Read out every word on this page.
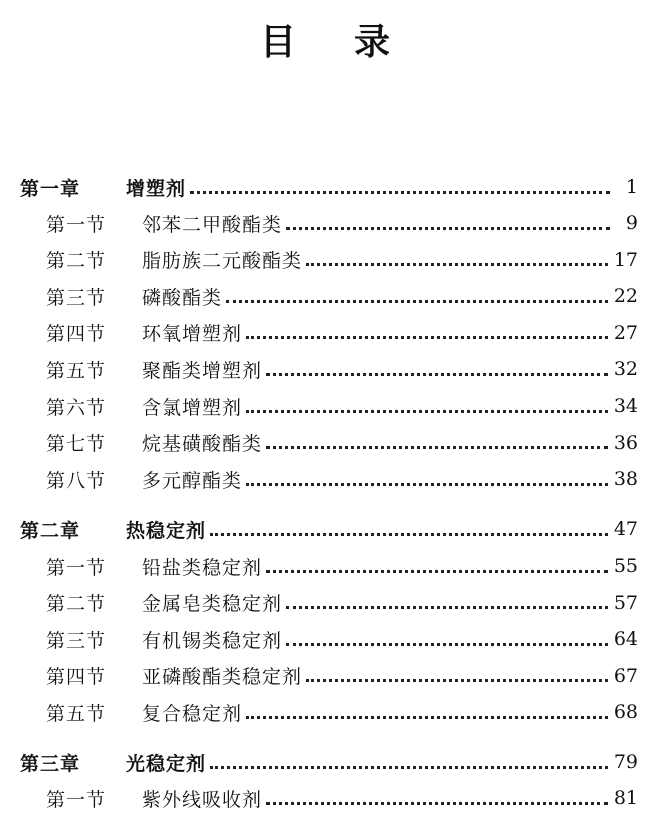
目录
第一章	增塑剂	1
第一节	邻苯二甲酸酯类	9
第二节	脂肪族二元酸酯类	17
第三节	磷酸酯类	22
第四节	环氧增塑剂	27
第五节	聚酯类增塑剂	32
第六节	含氯增塑剂	34
第七节	烷基磺酸酯类	36
第八节	多元醇酯类	38
第二章	热稳定剂	47
第一节	铅盐类稳定剂	55
第二节	金属皂类稳定剂	57
第三节	有机锡类稳定剂	64
第四节	亚磷酸酯类稳定剂	67
第五节	复合稳定剂	68
第三章	光稳定剂	79
第一节	紫外线吸收剂	81
